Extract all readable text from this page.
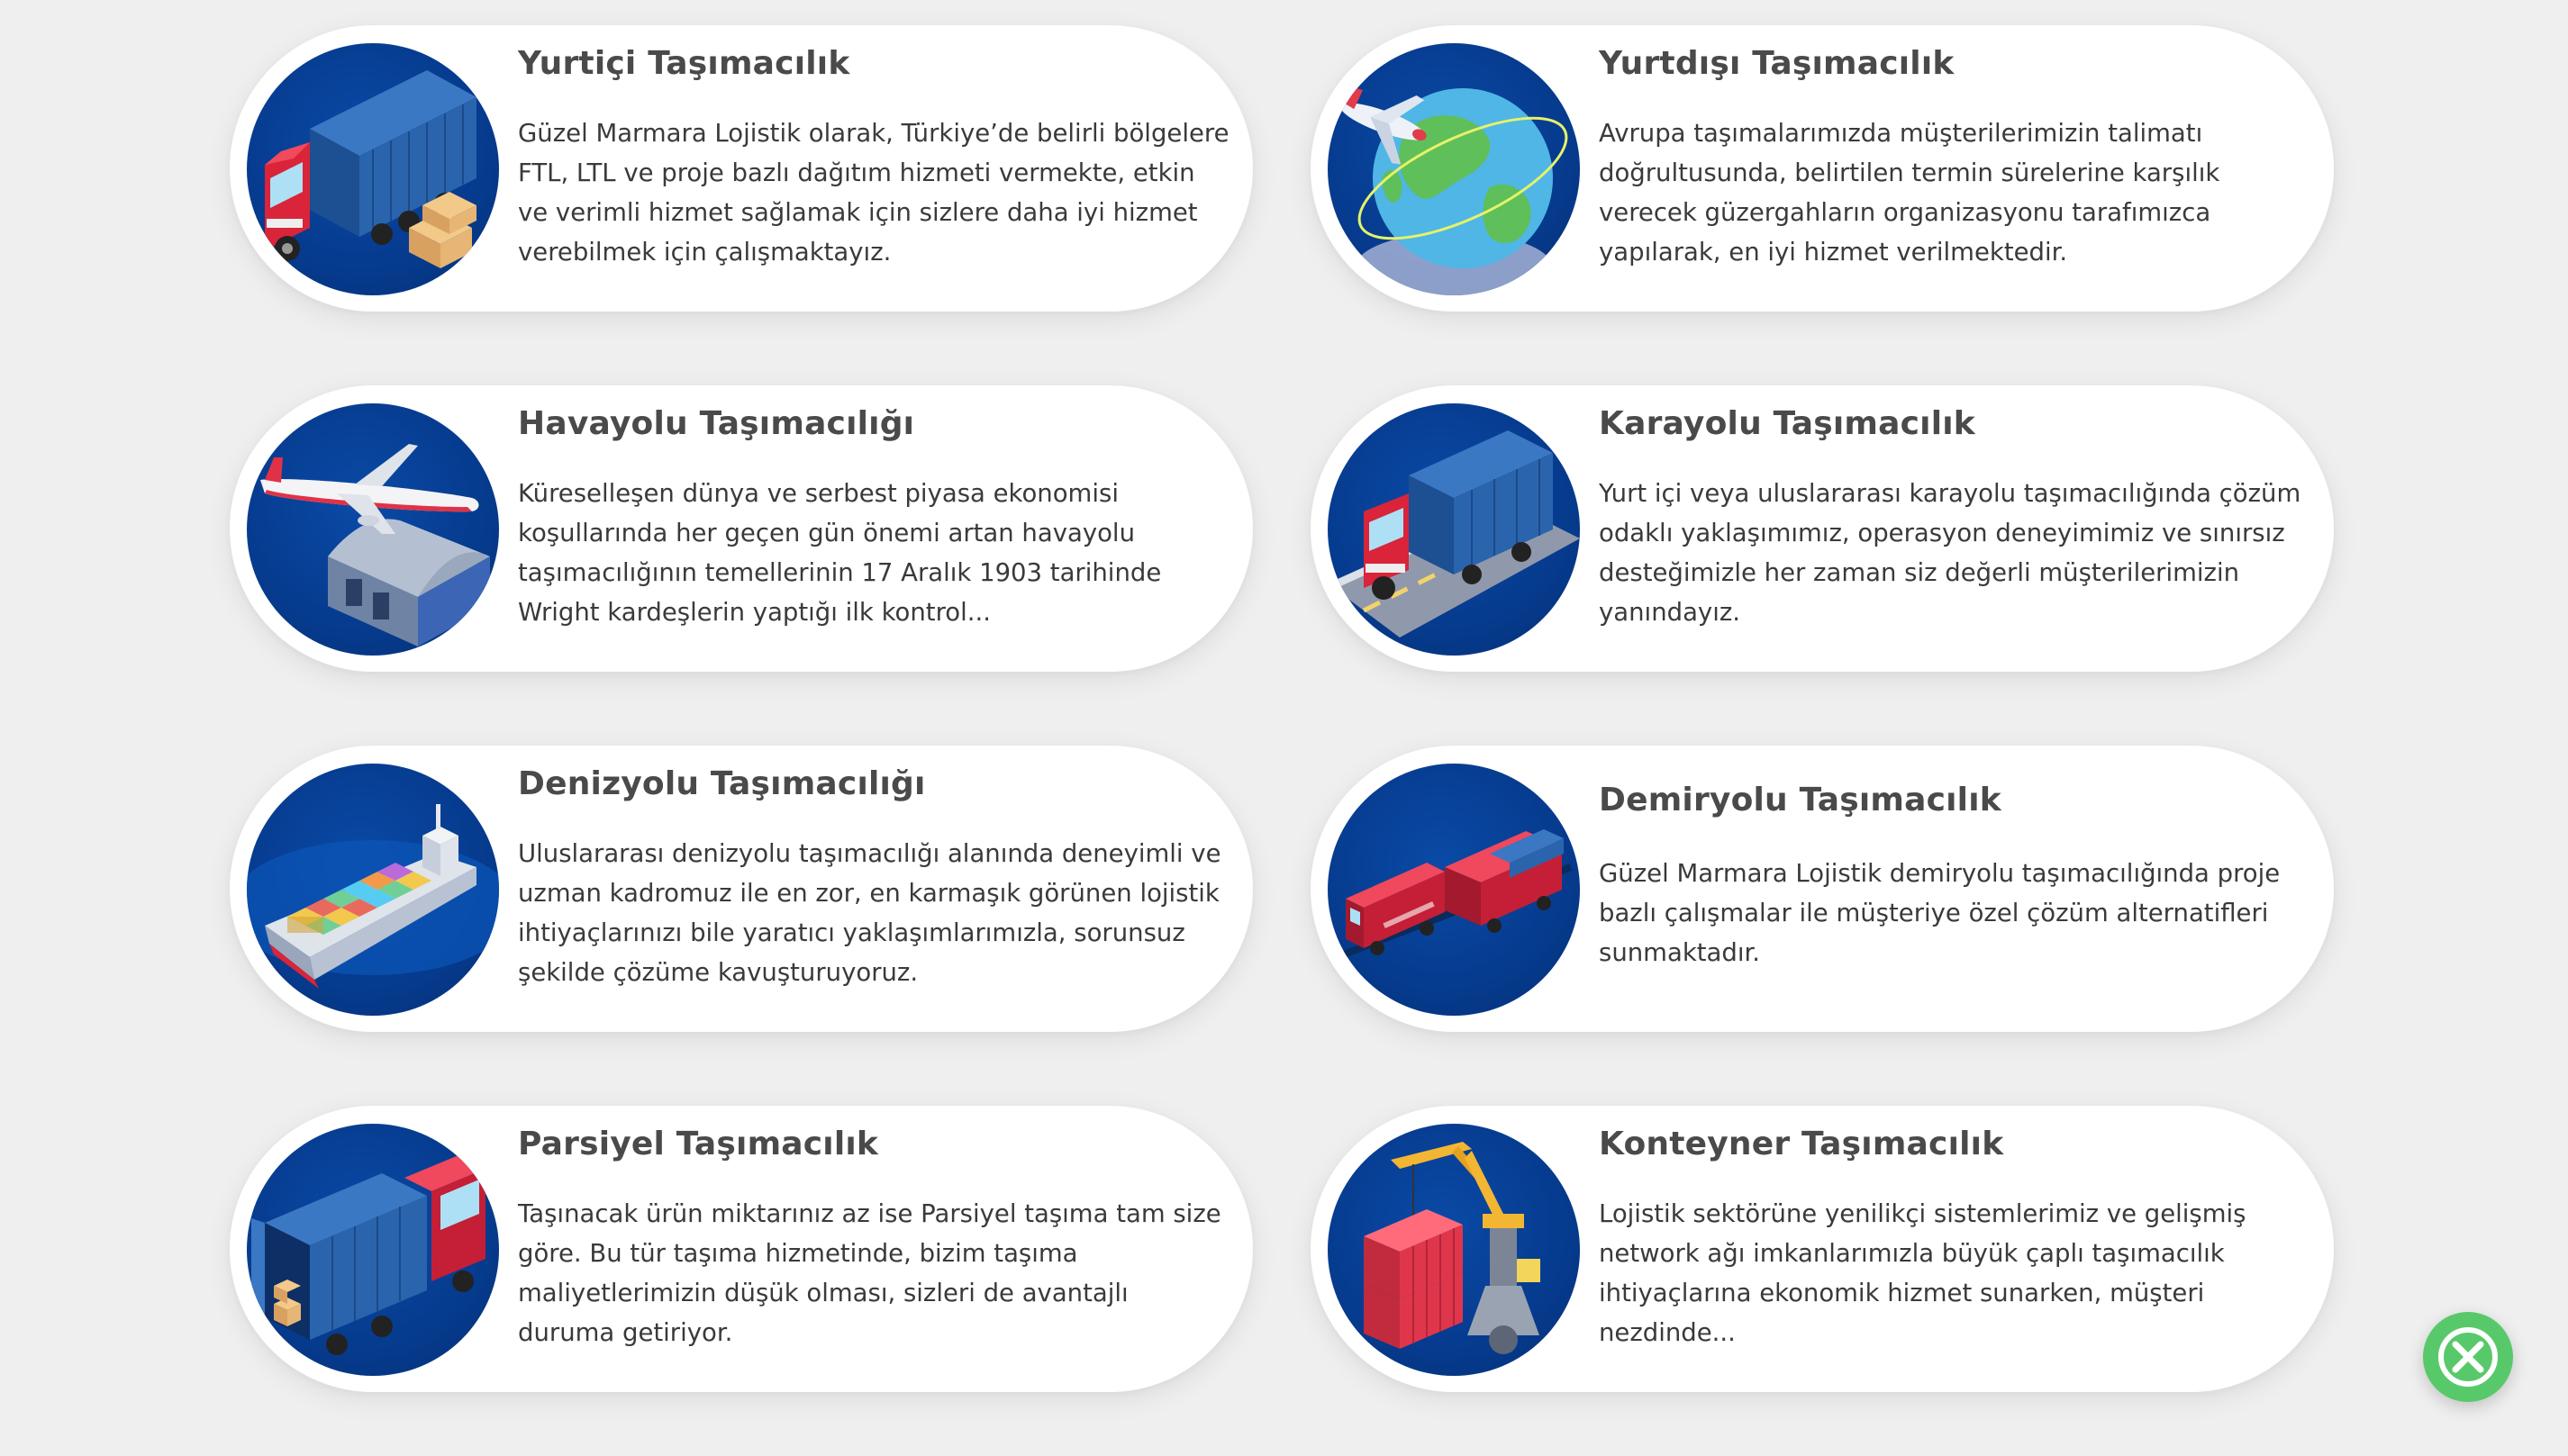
Yurtiçi Taşımacılık
Güzel Marmara Lojistik olarak, Türkiye’de belirli bölgelere FTL, LTL ve proje bazlı dağıtım hizmeti vermekte, etkin ve verimli hizmet sağlamak için sizlere daha iyi hizmet verebilmek için çalışmaktayız.
Yurtdışı Taşımacılık
Avrupa taşımalarımızda müşterilerimizin talimatı doğrultusunda, belirtilen termin sürelerine karşılık verecek güzergahların organizasyonu tarafımızca yapılarak, en iyi hizmet verilmektedir.
Havayolu Taşımacılığı
Küreselleşen dünya ve serbest piyasa ekonomisi koşullarında her geçen gün önemi artan havayolu taşımacılığının temellerinin 17 Aralık 1903 tarihinde Wright kardeşlerin yaptığı ilk kontrol...
Karayolu Taşımacılık
Yurt içi veya uluslararası karayolu taşımacılığında çözüm odaklı yaklaşımımız, operasyon deneyimimiz ve sınırsız desteğimizle her zaman siz değerli müşterilerimizin yanındayız.
Denizyolu Taşımacılığı
Uluslararası denizyolu taşımacılığı alanında deneyimli ve uzman kadromuz ile en zor, en karmaşık görünen lojistik ihtiyaçlarınızı bile yaratıcı yaklaşımlarımızla, sorunsuz şekilde çözüme kavuşturuyoruz.
Demiryolu Taşımacılık
Güzel Marmara Lojistik demiryolu taşımacılığında proje bazlı çalışmalar ile müşteriye özel çözüm alternatifleri sunmaktadır.
Parsiyel Taşımacılık
Taşınacak ürün miktarınız az ise Parsiyel taşıma tam size göre. Bu tür taşıma hizmetinde, bizim taşıma maliyetlerimizin düşük olması, sizleri de avantajlı duruma getiriyor.
Konteyner Taşımacılık
Lojistik sektörüne yenilikçi sistemlerimiz ve gelişmiş network ağı imkanlarımızla büyük çaplı taşımacılık ihtiyaçlarına ekonomik hizmet sunarken, müşteri nezdinde...
